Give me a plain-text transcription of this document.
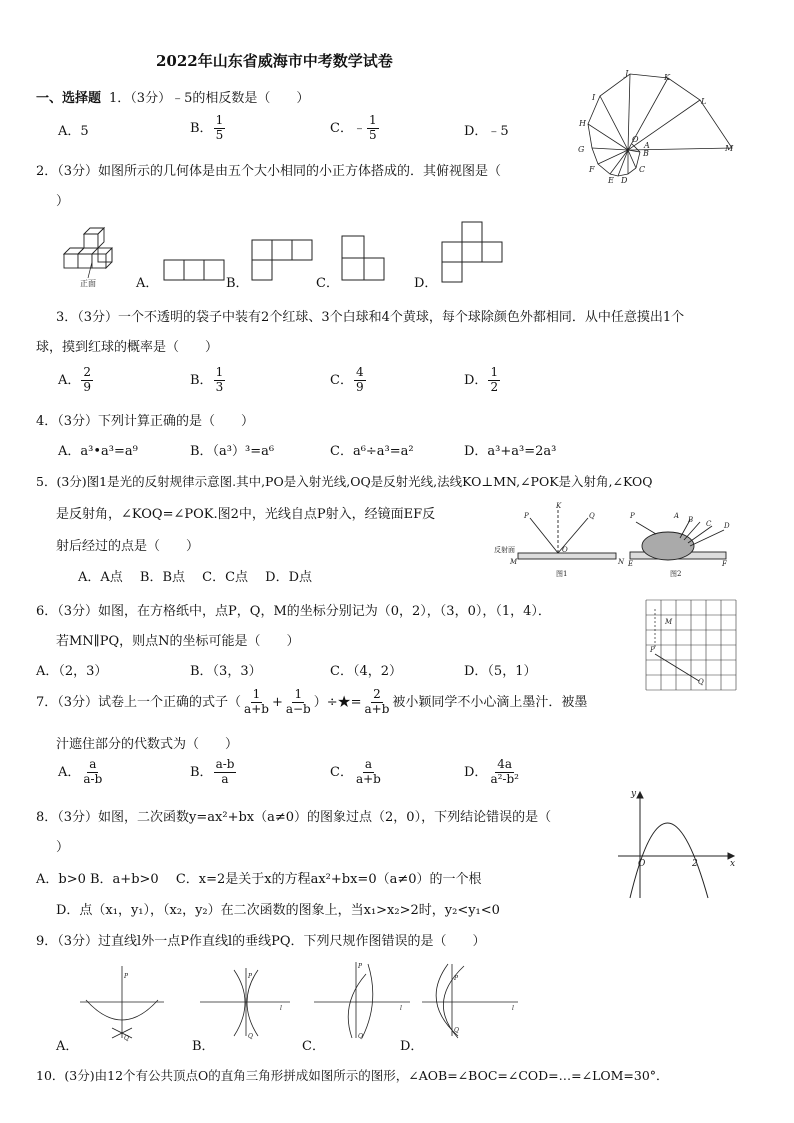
2022年山东省威海市中考数学试卷
一、选择题 1．（3分）﹣5的相反数是（　　）
A．5	B． $\frac{1}{5}$	C．﹣ $\frac{1}{5}$	D．﹣5
J	K
L
M
I
H
G
F
E D
C
B
A
O
2．（3分）如图所示的几何体是由五个大小相同的小正方体搭成的．其俯视图是（
）
正面	A．	B．	C．	D．
3．（3分）一个不透明的袋子中装有2个红球、3个白球和4个黄球，每个球除颜色外都相同．从中任意摸出1个
球，摸到红球的概率是（　　）
A． $\frac{2}{9}$	B． $\frac{1}{3}$	C． $\frac{4}{9}$	D． $\frac{1}{2}$
4．（3分）下列计算正确的是（　　）
A．a³•a³=a⁹	B．（a³）³=a⁶	C．a⁶÷a³=a²	D．a³+a³=2a³
5．(3分)图1是光的反射规律示意图.其中,PO是入射光线,OQ是反射光线,法线KO⊥MN,∠POK是入射角,∠KOQ
是反射角，∠KOQ=∠POK.图2中，光线自点P射入，经镜面EF反
射后经过的点是（　　）
A．A点　 B．B点　 C．C点　 D．D点
反射面
M	N
K
P	Q
O
图1
P	A B C D
E	F
图2
6．（3分）如图，在方格纸中，点P，Q，M的坐标分别记为（0，2），（3，0），（1，4）．
若MN∥PQ，则点N的坐标可能是（　　）
A．（2，3）	B．（3，3）	C．（4，2）	D．（5，1）
M
P
Q
7．（3分）试卷上一个正确的式子（ $\frac{1}{a+b} + \frac{1}{a-b}$ ）÷★= $\frac{2}{a+b}$ 被小颖同学不小心滴上墨汁．被墨
汁遮住部分的代数式为（　　）
A． $\frac{a}{a-b}$	B． $\frac{a-b}{a}$	C． $\frac{a}{a+b}$	D． $\frac{4a}{\text{a²-b²}}$
8．（3分）如图，二次函数y=ax²+bx（a≠0）的图象过点（2，0），下列结论错误的是（
）
A．b>0 B．a+b>0　 C．x=2是关于x的方程ax²+bx=0（a≠0）的一个根
D．点（x₁，y₁），（x₂，y₂）在二次函数的图象上，当x₁>x₂>2时，y₂<y₁<0
y
x
O	2
9．（3分）过直线l外一点P作直线l的垂线PQ．下列尺规作图错误的是（　　）
A．
P
Q
B．
P
Q
l
C．
P
Q
l
D．
P
Q
l
10．(3分)由12个有公共顶点O的直角三角形拼成如图所示的图形，∠AOB=∠BOC=∠COD=…=∠LOM=30°．
